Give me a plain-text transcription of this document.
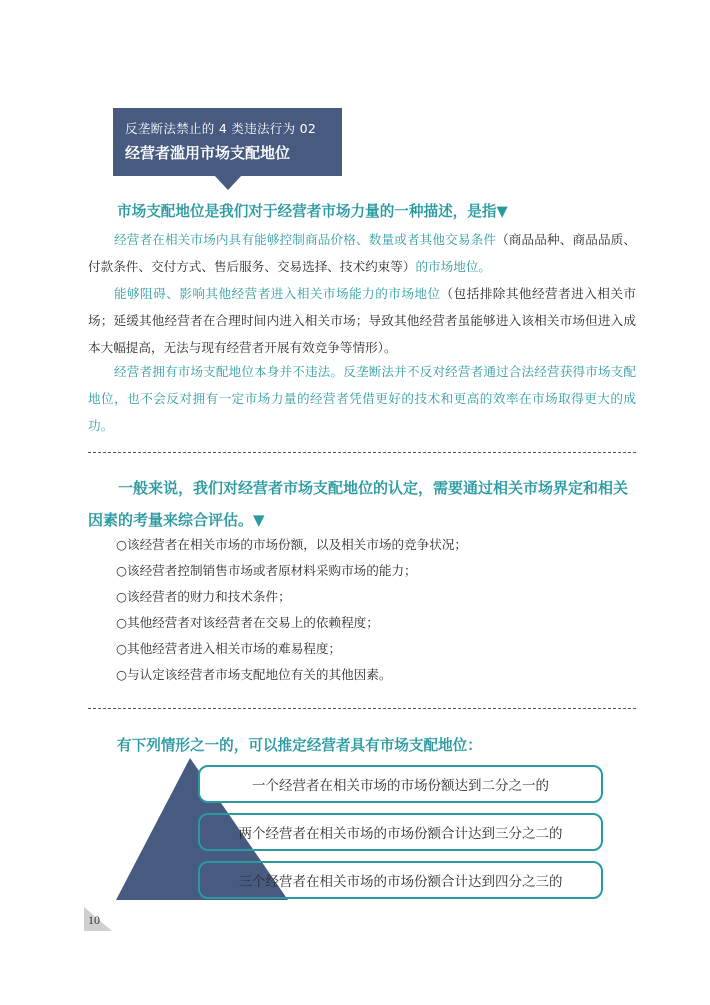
反垄断法禁止的 4 类违法行为 02
经营者滥用市场支配地位
市场支配地位是我们对于经营者市场力量的一种描述，是指▼
经营者在相关市场内具有能够控制商品价格、数量或者其他交易条件（商品品种、商品品质、付款条件、交付方式、售后服务、交易选择、技术约束等）的市场地位。
能够阻碍、影响其他经营者进入相关市场能力的市场地位（包括排除其他经营者进入相关市场；延缓其他经营者在合理时间内进入相关市场；导致其他经营者虽能够进入该相关市场但进入成本大幅提高，无法与现有经营者开展有效竞争等情形）。
经营者拥有市场支配地位本身并不违法。反垄断法并不反对经营者通过合法经营获得市场支配地位，也不会反对拥有一定市场力量的经营者凭借更好的技术和更高的效率在市场取得更大的成功。
一般来说，我们对经营者市场支配地位的认定，需要通过相关市场界定和相关因素的考量来综合评估。▼
○该经营者在相关市场的市场份额，以及相关市场的竞争状况；
○该经营者控制销售市场或者原材料采购市场的能力；
○该经营者的财力和技术条件；
○其他经营者对该经营者在交易上的依赖程度；
○其他经营者进入相关市场的难易程度；
○与认定该经营者市场支配地位有关的其他因素。
有下列情形之一的，可以推定经营者具有市场支配地位：
一个经营者在相关市场的市场份额达到二分之一的
两个经营者在相关市场的市场份额合计达到三分之二的
三个经营者在相关市场的市场份额合计达到四分之三的
10
